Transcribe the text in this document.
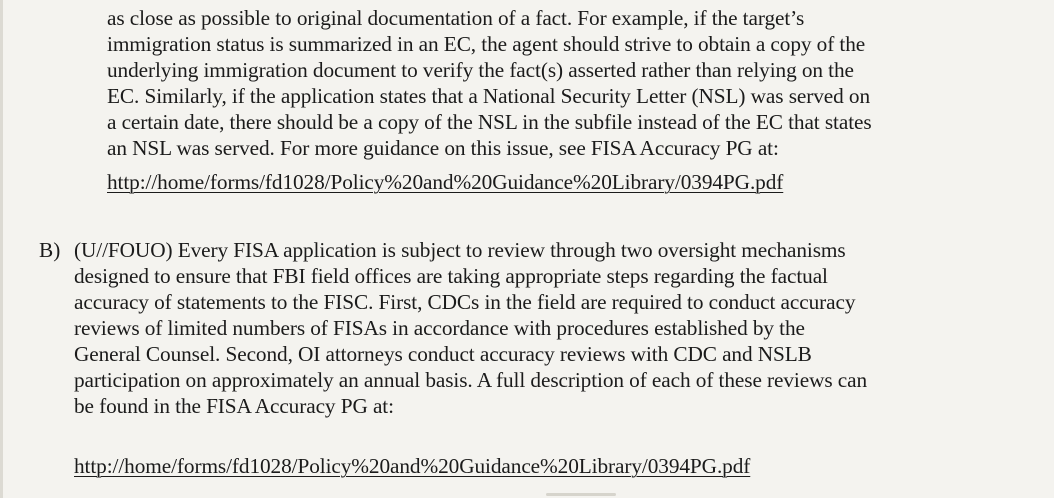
as close as possible to original documentation of a fact. For example, if the target’s
immigration status is summarized in an EC, the agent should strive to obtain a copy of the
underlying immigration document to verify the fact(s) asserted rather than relying on the
EC. Similarly, if the application states that a National Security Letter (NSL) was served on
a certain date, there should be a copy of the NSL in the subfile instead of the EC that states
an NSL was served. For more guidance on this issue, see FISA Accuracy PG at:
http://home/forms/fd1028/Policy%20and%20Guidance%20Library/0394PG.pdf
B) (U//FOUO) Every FISA application is subject to review through two oversight mechanisms
designed to ensure that FBI field offices are taking appropriate steps regarding the factual
accuracy of statements to the FISC. First, CDCs in the field are required to conduct accuracy
reviews of limited numbers of FISAs in accordance with procedures established by the
General Counsel. Second, OI attorneys conduct accuracy reviews with CDC and NSLB
participation on approximately an annual basis. A full description of each of these reviews can
be found in the FISA Accuracy PG at:
http://home/forms/fd1028/Policy%20and%20Guidance%20Library/0394PG.pdf
